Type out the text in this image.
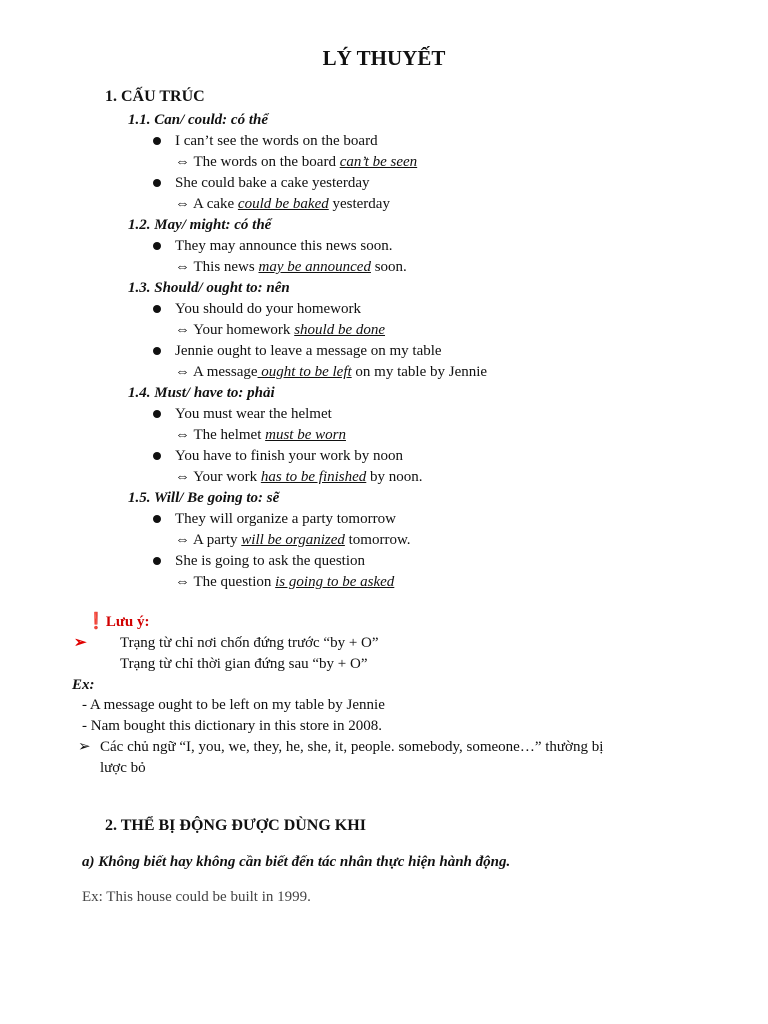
LÝ THUYẾT
1. CẤU TRÚC
1.1. Can/ could: có thể
I can’t see the words on the board
⇔ The words on the board can’t be seen
She could bake a cake yesterday
⇔ A cake could be baked yesterday
1.2. May/ might: có thể
They may announce this news soon.
⇔ This news may be announced soon.
1.3. Should/ ought to: nên
You should do your homework
⇔ Your homework should be done
Jennie ought to leave a message on my table
⇔ A message ought to be left on my table by Jennie
1.4. Must/ have to: phải
You must wear the helmet
⇔ The helmet must be worn
You have to finish your work by noon
⇔ Your work has to be finished by noon.
1.5. Will/ Be going to: sẽ
They will organize a party tomorrow
⇔ A party will be organized tomorrow.
She is going to ask the question
⇔ The question is going to be asked
❗Lưu ý:
➢ Trạng từ chỉ nơi chốn đứng trước “by + O”
Trạng từ chỉ thời gian đứng sau “by + O”
Ex:
- A message ought to be left on my table by Jennie
- Nam bought this dictionary in this store in 2008.
➢ Các chủ ngữ “I, you, we, they, he, she, it, people. somebody, someone…” thường bị
lược bỏ
2. THỂ BỊ ĐỘNG ĐƯỢC DÙNG KHI
a) Không biết hay không cần biết đến tác nhân thực hiện hành động.
Ex: This house could be built in 1999.
